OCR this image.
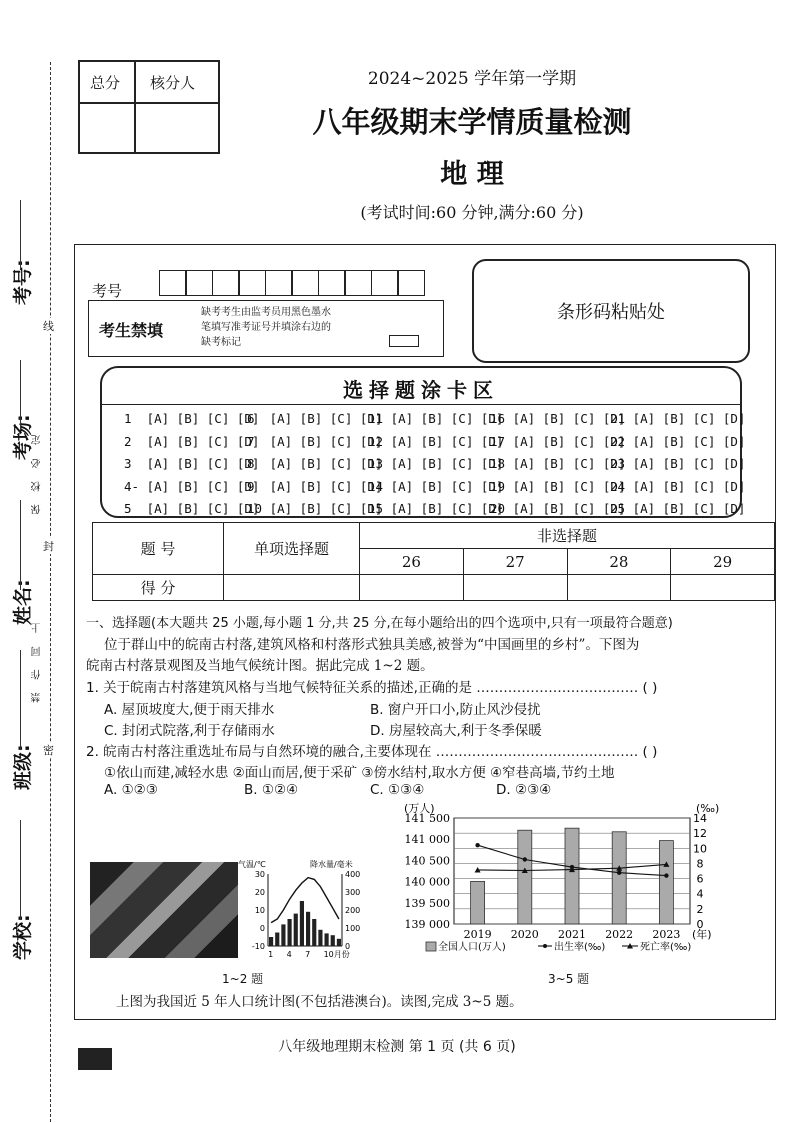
总分 核分人	2024~2025 学年第一学期
八年级期末学情质量检测
地 理
(考试时间:60 分钟,满分:60 分)
考号:
考场:
姓名:
班级:
学校:
线
封
密
保 校 必 定
禁 作 同 上
考号
条形码粘贴处
考生禁填
缺考考生由监考员用黑色墨水
笔填写准考证号并填涂右边的
缺考标记
选择题涂卡区
1  [A] [B] [C] [D]
2  [A] [B] [C] [D]
3  [A] [B] [C] [D]
4- [A] [B] [C] [D]
5  [A] [B] [C] [D]
6  [A] [B] [C] [D]
7  [A] [B] [C] [D]
8  [A] [B] [C] [D]
9  [A] [B] [C] [D]
10 [A] [B] [C] [D]
11 [A] [B] [C] [D]
12 [A] [B] [C] [D]
13 [A] [B] [C] [D]
14 [A] [B] [C] [D]
15 [A] [B] [C] [D]
16 [A] [B] [C] [D]
17 [A] [B] [C] [D]
18 [A] [B] [C] [D]
19 [A] [B] [C] [D]
20 [A] [B] [C] [D]
21 [A] [B] [C] [D]
22 [A] [B] [C] [D]
23 [A] [B] [C] [D]
24 [A] [B] [C] [D]
25 [A] [B] [C] [D]
题 号	单项选择题	非选择题			
		26	27	28	29
得 分					
一、选择题(本大题共 25 小题,每小题 1 分,共 25 分,在每小题给出的四个选项中,只有一项最符合题意)
位于群山中的皖南古村落,建筑风格和村落形式独具美感,被誉为“中国画里的乡村”。下图为
皖南古村落景观图及当地气候统计图。据此完成 1~2 题。
1. 关于皖南古村落建筑风格与当地气候特征关系的描述,正确的是 ……………………………… ( )
A. 屋顶坡度大,便于雨天排水	B. 窗户开口小,防止风沙侵扰
C. 封闭式院落,利于存储雨水	D. 房屋较高大,利于冬季保暖
2. 皖南古村落注重选址布局与自然环境的融合,主要体现在 ……………………………………… ( )
①依山而建,减轻水患 ②面山而居,便于采矿 ③傍水结村,取水方便 ④窄巷高墙,节约土地
A. ①②③	B. ①②④	C. ①③④	D. ②③④
气温/℃	降水量/毫米
30
20
10
0
-10
400
300
200
100
0
1 4 7 10月份
(万人)	(‰)
14
12
10
8
6
4
2
0
141 500
141 000
140 500
140 000
139 500
139 000
2019 2020 2021 2022 2023 (年)
全国人口(万人)	出生率(‰)	死亡率(‰)
1~2 题	3~5 题
上图为我国近 5 年人口统计图(不包括港澳台)。读图,完成 3~5 题。
八年级地理期末检测 第 1 页 (共 6 页)
